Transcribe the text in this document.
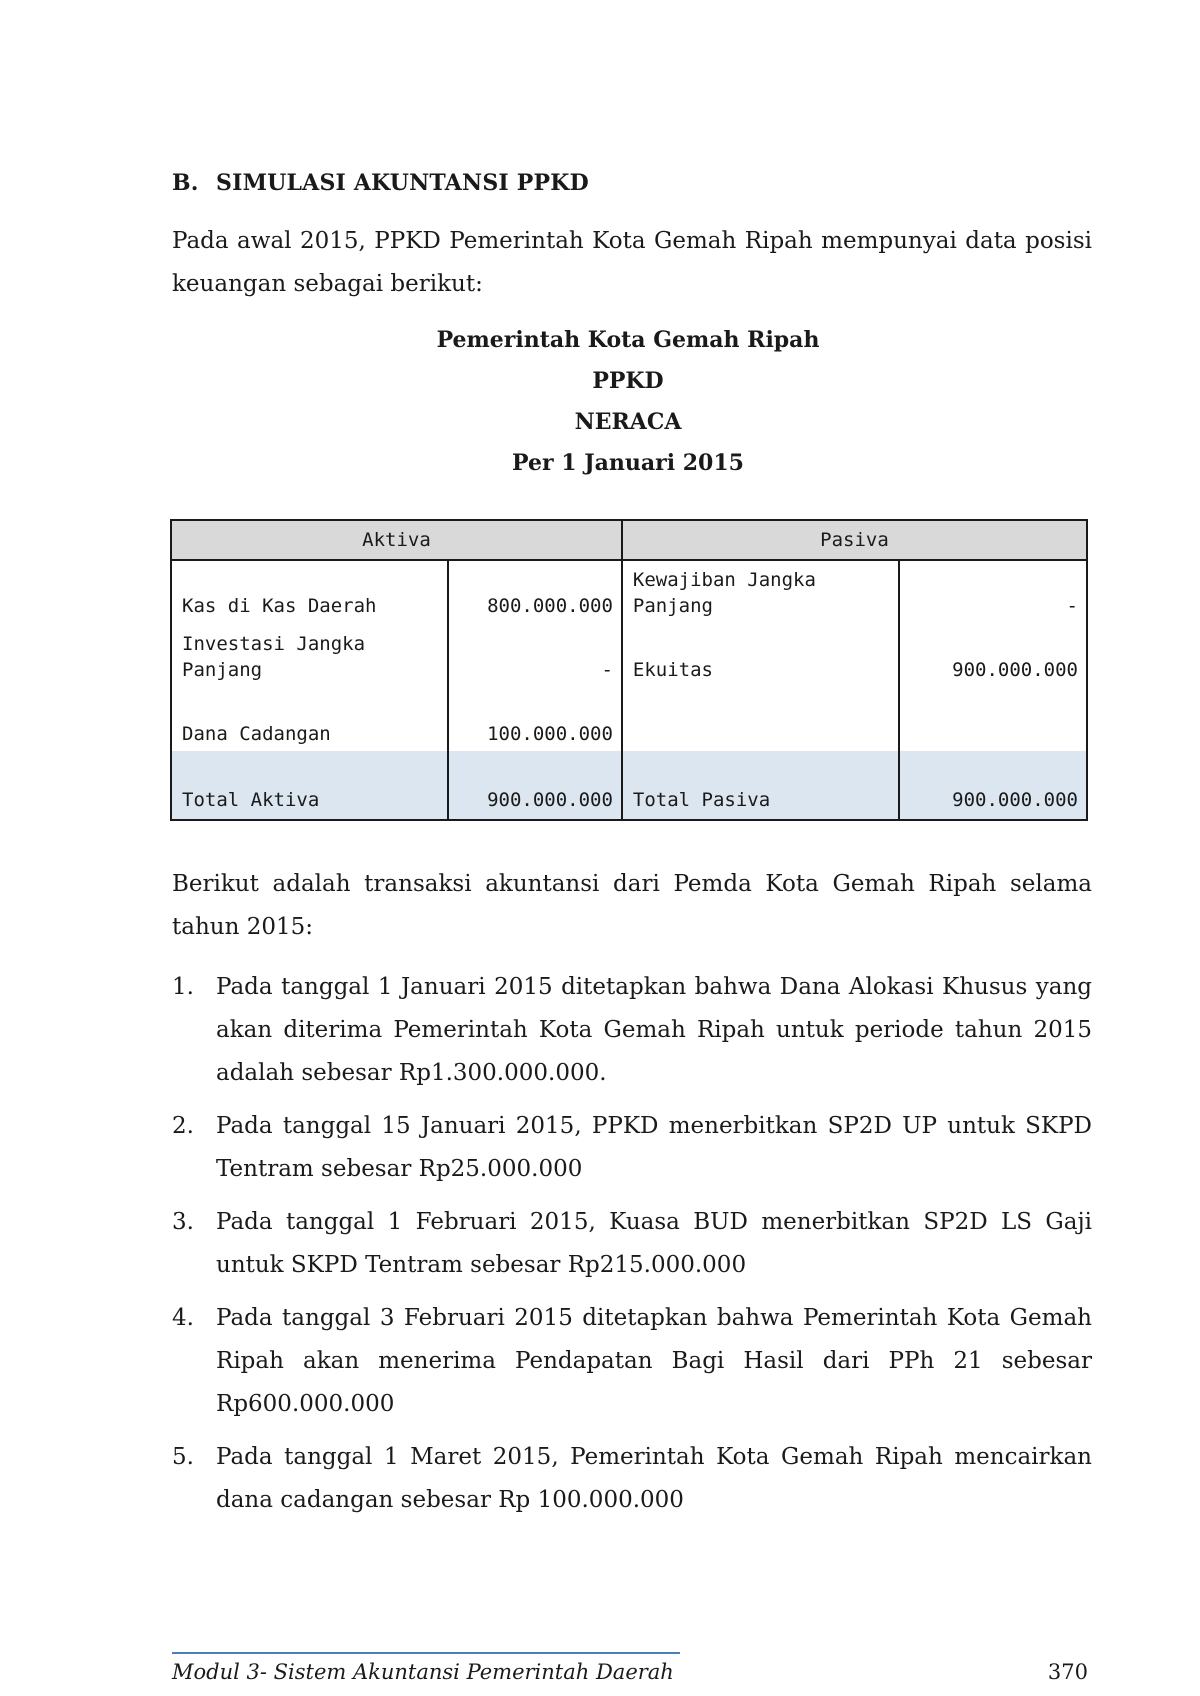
B. SIMULASI AKUNTANSI PPKD

Pada awal 2015, PPKD Pemerintah Kota Gemah Ripah mempunyai data posisi keuangan sebagai berikut:

Pemerintah Kota Gemah Ripah
PPKD
NERACA
Per 1 Januari 2015
Aktiva		Pasiva	
Kas di Kas Daerah	800.000.000	Kewajiban Jangka Panjang	-
Investasi Jangka Panjang	-	Ekuitas	900.000.000
Dana Cadangan	100.000.000		
Total Aktiva	900.000.000	Total Pasiva	900.000.000

Berikut adalah transaksi akuntansi dari Pemda Kota Gemah Ripah selama tahun 2015:

1. Pada tanggal 1 Januari 2015 ditetapkan bahwa Dana Alokasi Khusus yang akan diterima Pemerintah Kota Gemah Ripah untuk periode tahun 2015 adalah sebesar Rp1.300.000.000.
2. Pada tanggal 15 Januari 2015, PPKD menerbitkan SP2D UP untuk SKPD Tentram sebesar Rp25.000.000
3. Pada tanggal 1 Februari 2015, Kuasa BUD menerbitkan SP2D LS Gaji untuk SKPD Tentram sebesar Rp215.000.000
4. Pada tanggal 3 Februari 2015 ditetapkan bahwa Pemerintah Kota Gemah Ripah akan menerima Pendapatan Bagi Hasil dari PPh 21 sebesar Rp600.000.000
5. Pada tanggal 1 Maret 2015, Pemerintah Kota Gemah Ripah mencairkan dana cadangan sebesar Rp 100.000.000
Modul 3- Sistem Akuntansi Pemerintah Daerah	370
